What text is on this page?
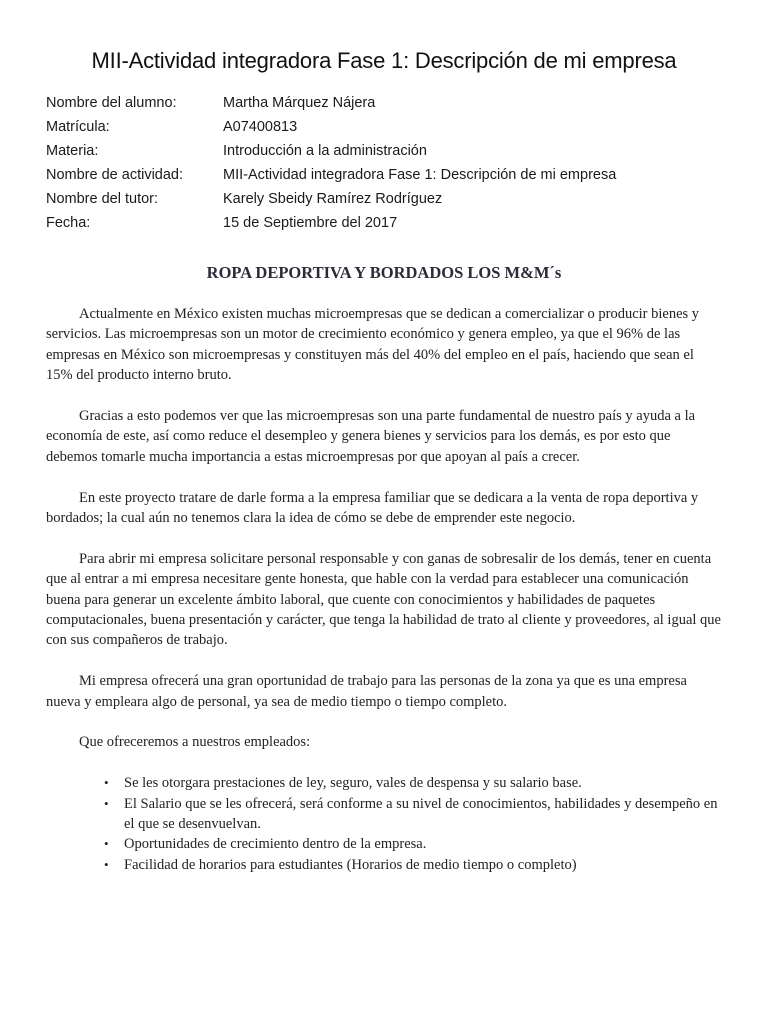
MII-Actividad integradora Fase 1: Descripción de mi empresa
Nombre del alumno:	Martha Márquez Nájera
Matrícula:	A07400813
Materia:	Introducción a la administración
Nombre de actividad:	MII-Actividad integradora Fase 1: Descripción de mi empresa
Nombre del tutor:	Karely Sbeidy Ramírez Rodríguez
Fecha:	15 de Septiembre del 2017
ROPA DEPORTIVA Y BORDADOS LOS M&M´s

Actualmente en México existen muchas microempresas que se dedican a comercializar o producir bienes y servicios. Las microempresas son un motor de crecimiento económico y genera empleo, ya que el 96% de las empresas en México son microempresas y constituyen más del 40% del empleo en el país, haciendo que sean el 15% del producto interno bruto.

Gracias a esto podemos ver que las microempresas son una parte fundamental de nuestro país y ayuda a la economía de este, así como reduce el desempleo y genera bienes y servicios para los demás, es por esto que debemos tomarle mucha importancia a estas microempresas por que apoyan al país a crecer.

En este proyecto tratare de darle forma a la empresa familiar que se dedicara a la venta de ropa deportiva y bordados; la cual aún no tenemos clara la idea de cómo se debe de emprender este negocio.

Para abrir mi empresa solicitare personal responsable y con ganas de sobresalir de los demás, tener en cuenta que al entrar a mi empresa necesitare gente honesta, que hable con la verdad para establecer una comunicación buena para generar un excelente ámbito laboral, que cuente con conocimientos y habilidades de paquetes computacionales, buena presentación y carácter, que tenga la habilidad de trato al cliente y proveedores, al igual que con sus compañeros de trabajo.

Mi empresa ofrecerá una gran oportunidad de trabajo para las personas de la zona ya que es una empresa nueva y empleara algo de personal, ya sea de medio tiempo o tiempo completo.

Que ofreceremos a nuestros empleados:

• Se les otorgara prestaciones de ley, seguro, vales de despensa y su salario base.
• El Salario que se les ofrecerá, será conforme a su nivel de conocimientos, habilidades y desempeño en el que se desenvuelvan.
• Oportunidades de crecimiento dentro de la empresa.
• Facilidad de horarios para estudiantes (Horarios de medio tiempo o completo)
